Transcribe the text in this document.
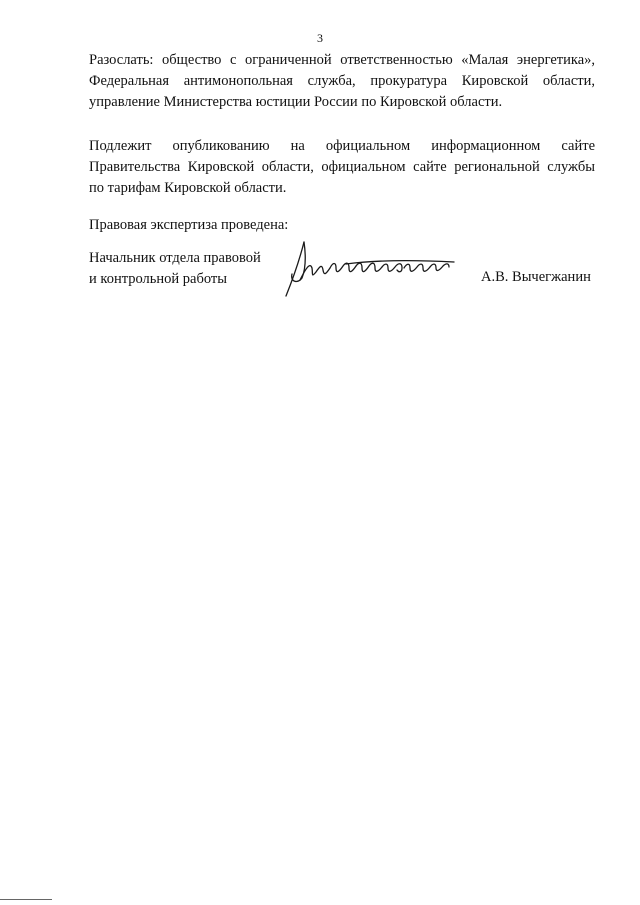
3
Разослать: общество с ограниченной ответственностью «Малая энергетика»,
Федеральная антимонопольная служба, прокуратура Кировской области,
управление Министерства юстиции России по Кировской области.
Подлежит опубликованию на официальном информационном сайте
Правительства Кировской области, официальном сайте региональной службы
по тарифам Кировской области.
Правовая экспертиза проведена:
Начальник отдела правовой
и контрольной работы	А.В. Вычегжанин
